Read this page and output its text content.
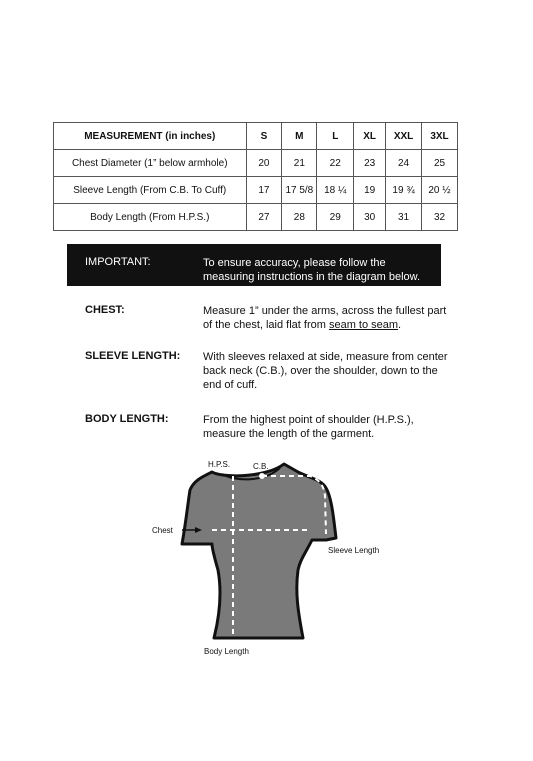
MEASUREMENT (in inches)	S	M	L	XL	XXL	3XL
Chest Diameter (1” below armhole)	20	21	22	23	24	25
Sleeve Length (From C.B. To Cuff)	17	17 5/8	18 ¼	19	19 ¾	20 ½
Body Length (From H.P.S.)	27	28	29	30	31	32
IMPORTANT:	To ensure accuracy, please follow the measuring instructions in the diagram below.
CHEST:	Measure 1” under the arms, across the fullest part of the chest, laid flat from seam to seam.
SLEEVE LENGTH: With sleeves relaxed at side, measure from center back neck (C.B.), over the shoulder, down to the end of cuff.
BODY LENGTH:	From the highest point of shoulder (H.P.S.), measure the length of the garment.
H.P.S.	C.B.
Chest
Sleeve Length
Body Length
